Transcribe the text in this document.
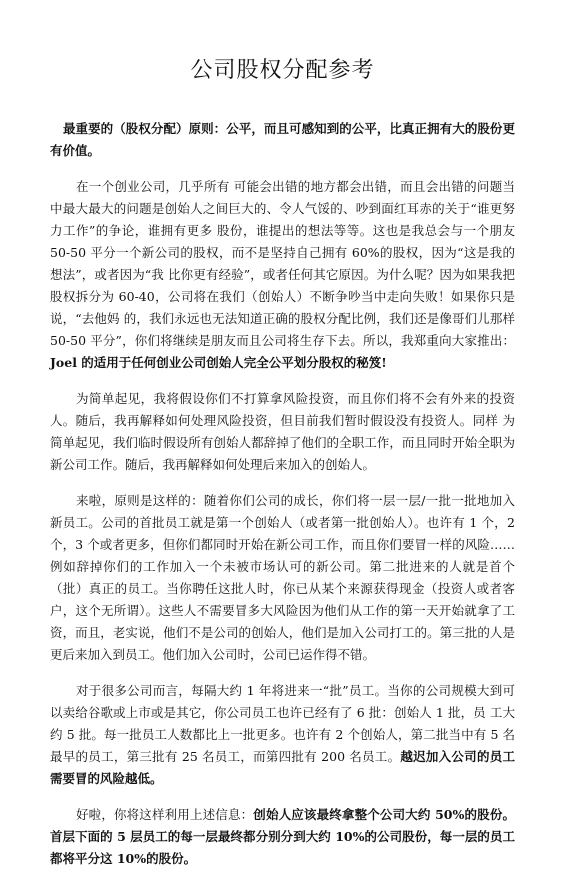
公司股权分配参考

最重要的（股权分配）原则：公平，而且可感知到的公平，比真正拥有大的股份更有价值。

在一个创业公司，几乎所有 可能会出错的地方都会出错，而且会出错的问题当中最大最大的问题是创始人之间巨大的、令人气馁的、吵到面红耳赤的关于“谁更努力工作”的争论，谁拥有更多 股份，谁提出的想法等等。这也是我总会与一个朋友 50-50 平分一个新公司的股权，而不是坚持自己拥有 60%的股权，因为“这是我的想法”，或者因为“我 比你更有经验”，或者任何其它原因。为什么呢？因为如果我把股权拆分为 60-40，公司将在我们（创始人）不断争吵当中走向失败！如果你只是说，“去他妈 的，我们永远也无法知道正确的股权分配比例，我们还是像哥们儿那样 50-50 平分”，你们将继续是朋友而且公司将生存下去。所以，我郑重向大家推出：Joel 的适用于任何创业公司创始人完全公平划分股权的秘笈!

为简单起见，我将假设你们不打算拿风险投资，而且你们将不会有外来的投资人。随后，我再解释如何处理风险投资，但目前我们暂时假设没有投资人。同样 为简单起见，我们临时假设所有创始人都辞掉了他们的全职工作，而且同时开始全职为新公司工作。随后，我再解释如何处理后来加入的创始人。

来啦，原则是这样的：随着你们公司的成长，你们将一层一层/一批一批地加入新员工。公司的首批员工就是第一个创始人（或者第一批创始人）。也许有 1 个，2 个，3 个或者更多，但你们都同时开始在新公司工作，而且你们要冒一样的风险……例如辞掉你们的工作加入一个未被市场认可的新公司。第二批进来的人就是首个（批）真正的员工。当你聘任这批人时，你已从某个来源获得现金（投资人或者客户，这个无所谓）。这些人不需要冒多大风险因为他们从工作的第一天开始就拿了工资，而且，老实说，他们不是公司的创始人，他们是加入公司打工的。第三批的人是更后来加入到员工。他们加入公司时，公司已运作得不错。

对于很多公司而言，每隔大约 1 年将进来一“批”员工。当你的公司规模大到可以卖给谷歌或上市或是其它，你公司员工也许已经有了 6 批：创始人 1 批，员 工大约 5 批。每一批员工人数都比上一批更多。也许有 2 个创始人，第二批当中有 5 名最早的员工，第三批有 25 名员工，而第四批有 200 名员工。越迟加入公司的员工需要冒的风险越低。

好啦，你将这样利用上述信息：创始人应该最终拿整个公司大约 50%的股份。首层下面的 5 层员工的每一层最终都分别分到大约 10%的公司股份，每一层的员工都将平分这 10%的股份。
